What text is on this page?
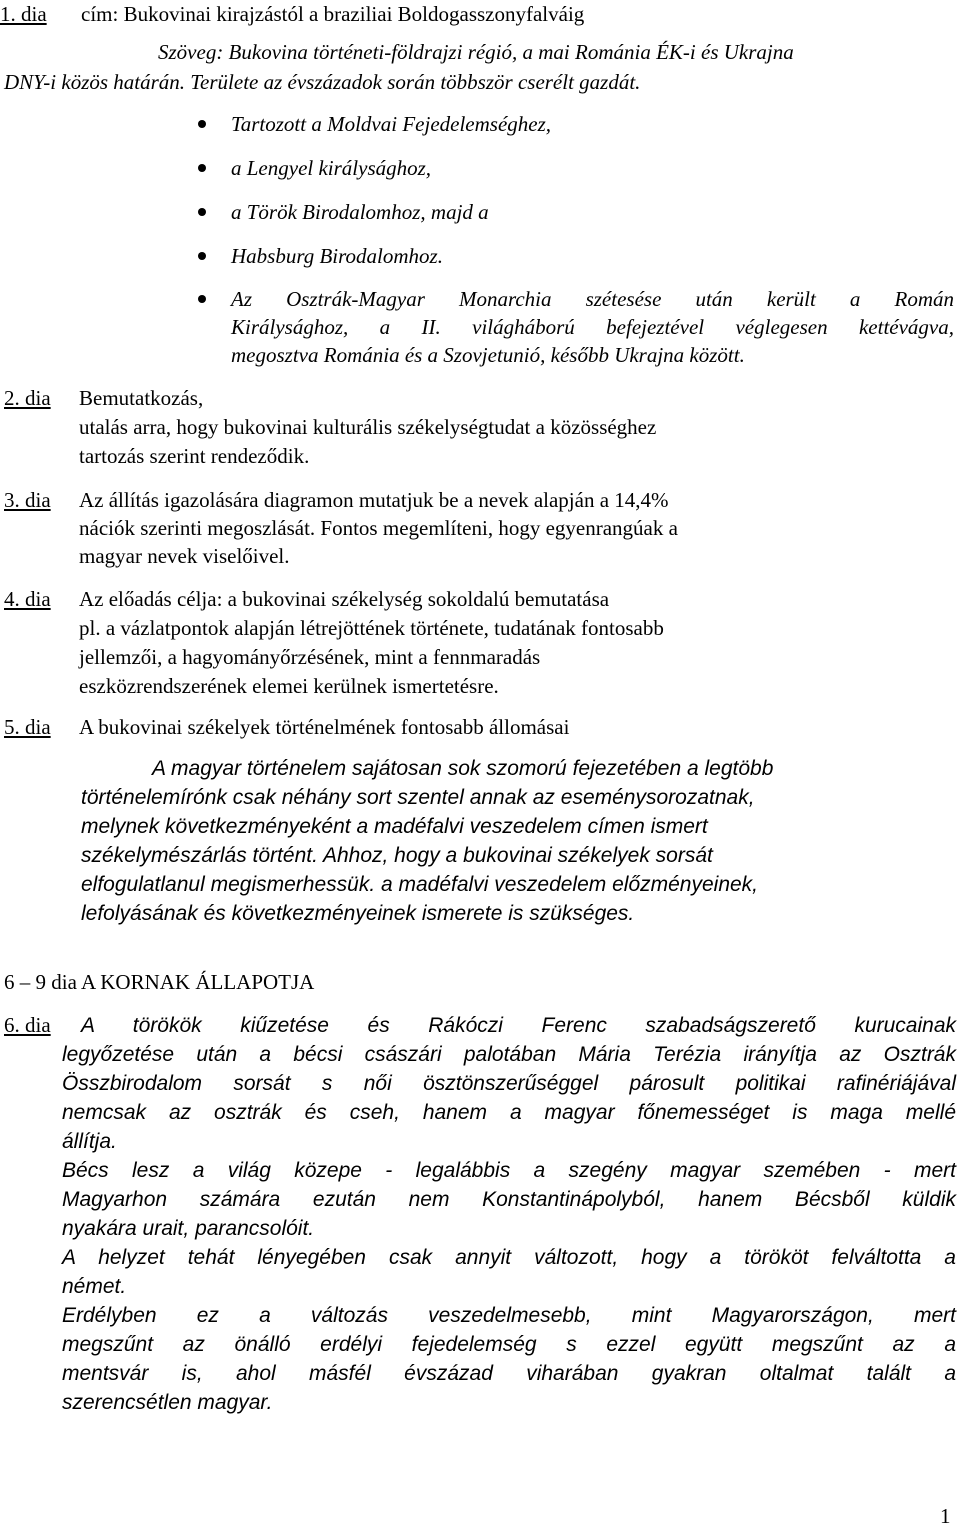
1. dia cím: Bukovinai kirajzástól a braziliai Boldogasszonyfalváig
Szöveg: Bukovina történeti-földrajzi régió, a mai Románia ÉK-i és Ukrajna
DNY-i közös határán. Területe az évszázadok során többször cserélt gazdát.
Tartozott a Moldvai Fejedelemséghez,
a Lengyel királysághoz,
a Török Birodalomhoz, majd a
Habsburg Birodalomhoz.
Az Osztrák-Magyar Monarchia szétesése után került a Román
Királysághoz, a II. világháború befejeztével véglegesen kettévágva,
megosztva Románia és a Szovjetunió, később Ukrajna között.
2. dia Bemutatkozás,
utalás arra, hogy bukovinai kulturális székelységtudat a közösséghez
tartozás szerint rendeződik.
3. dia Az állítás igazolására diagramon mutatjuk be a nevek alapján a 14,4%
nációk szerinti megoszlását. Fontos megemlíteni, hogy egyenrangúak a
magyar nevek viselőivel.
4. dia Az előadás célja: a bukovinai székelység sokoldalú bemutatása
pl. a vázlatpontok alapján létrejöttének története, tudatának fontosabb
jellemzői, a hagyományőrzésének, mint a fennmaradás
eszközrendszerének elemei kerülnek ismertetésre.
5. dia A bukovinai székelyek történelmének fontosabb állomásai
A magyar történelem sajátosan sok szomorú fejezetében a legtöbb
történelemírónk csak néhány sort szentel annak az eseménysorozatnak,
melynek következményeként a madéfalvi veszedelem címen ismert
székelymészárlás történt. Ahhoz, hogy a bukovinai székelyek sorsát
elfogulatlanul megismerhessük. a madéfalvi veszedelem előzményeinek,
lefolyásának és következményeinek ismerete is szükséges.
6 – 9 dia A KORNAK ÁLLAPOTJA
6. dia A törökök kiűzetése és Rákóczi Ferenc szabadságszerető kurucainak
legyőzetése után a bécsi császári palotában Mária Terézia irányítja az Osztrák
Összbirodalom sorsát s női ösztönszerűséggel párosult politikai rafinériájával
nemcsak az osztrák és cseh, hanem a magyar főnemességet is maga mellé
állítja.
Bécs lesz a világ közepe - legalábbis a szegény magyar szemében - mert
Magyarhon számára ezután nem Konstantinápolyból, hanem Bécsből küldik
nyakára urait, parancsolóit.
A helyzet tehát lényegében csak annyit változott, hogy a törököt felváltotta a
német.
Erdélyben ez a változás veszedelmesebb, mint Magyarországon, mert
megszűnt az önálló erdélyi fejedelemség s ezzel együtt megszűnt az a
mentsvár is, ahol másfél évszázad viharában gyakran oltalmat talált a
szerencsétlen magyar.
1
